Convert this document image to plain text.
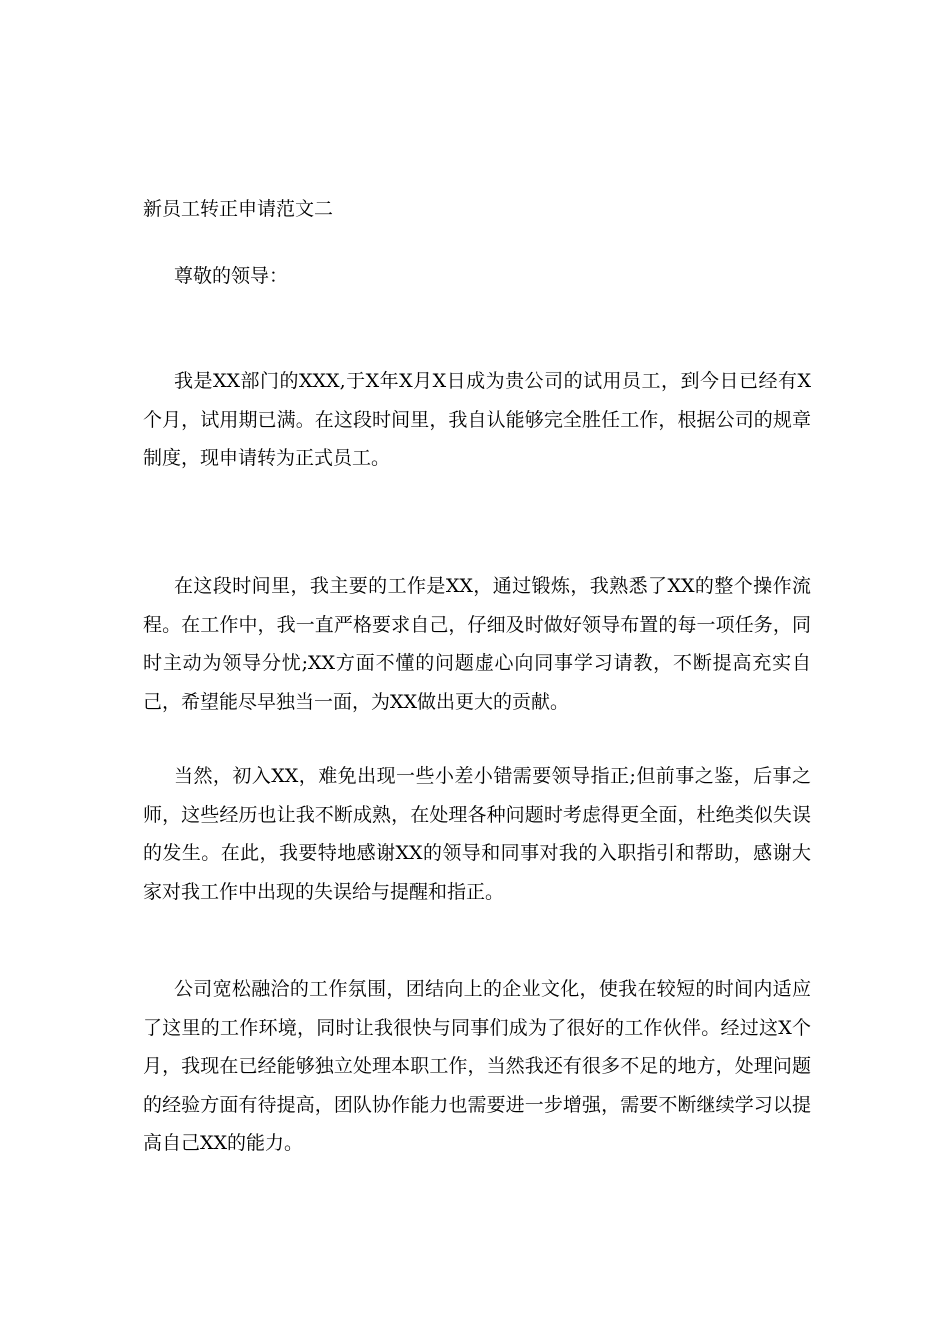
新员工转正申请范文二
尊敬的领导：

我是XX部门的XXX,于X年X月X日成为贵公司的试用员工，到今日已经有X个月，试用期已满。在这段时间里，我自认能够完全胜任工作，根据公司的规章制度，现申请转为正式员工。

在这段时间里，我主要的工作是XX，通过锻炼，我熟悉了XX的整个操作流程。在工作中，我一直严格要求自己，仔细及时做好领导布置的每一项任务，同时主动为领导分忧;XX方面不懂的问题虚心向同事学习请教，不断提高充实自己，希望能尽早独当一面，为XX做出更大的贡献。

当然，初入XX，难免出现一些小差小错需要领导指正;但前事之鉴，后事之师，这些经历也让我不断成熟，在处理各种问题时考虑得更全面，杜绝类似失误的发生。在此，我要特地感谢XX的领导和同事对我的入职指引和帮助，感谢大家对我工作中出现的失误给与提醒和指正。

公司宽松融洽的工作氛围，团结向上的企业文化，使我在较短的时间内适应了这里的工作环境，同时让我很快与同事们成为了很好的工作伙伴。经过这X个月，我现在已经能够独立处理本职工作，当然我还有很多不足的地方，处理问题的经验方面有待提高，团队协作能力也需要进一步增强，需要不断继续学习以提高自己XX的能力。
